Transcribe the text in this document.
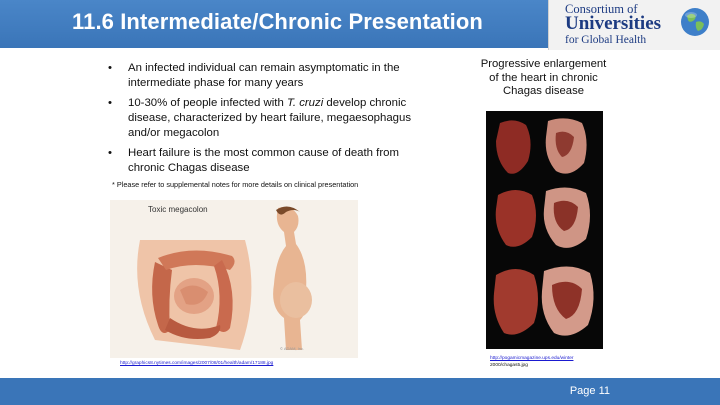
11.6 Intermediate/Chronic Presentation	Consortium of
Universities
for Global Health
• An infected individual can remain asymptomatic in the intermediate phase for many years
• 10-30% of people infected with T. cruzi develop chronic disease, characterized by heart failure, megaesophagus and/or megacolon
• Heart failure is the most common cause of death from chronic Chagas disease
* Please refer to supplemental notes for more details on clinical presentation
Toxic megacolon
© ADAM, Inc.
Progressive enlargement of the heart in chronic Chagas disease
http://graphics8.nytimes.com/images/2007/08/01/health/adam/17188.jpg
http://pogamicmagazine.ups.edu/winter
2000/chagas5.jpg
Page 11
